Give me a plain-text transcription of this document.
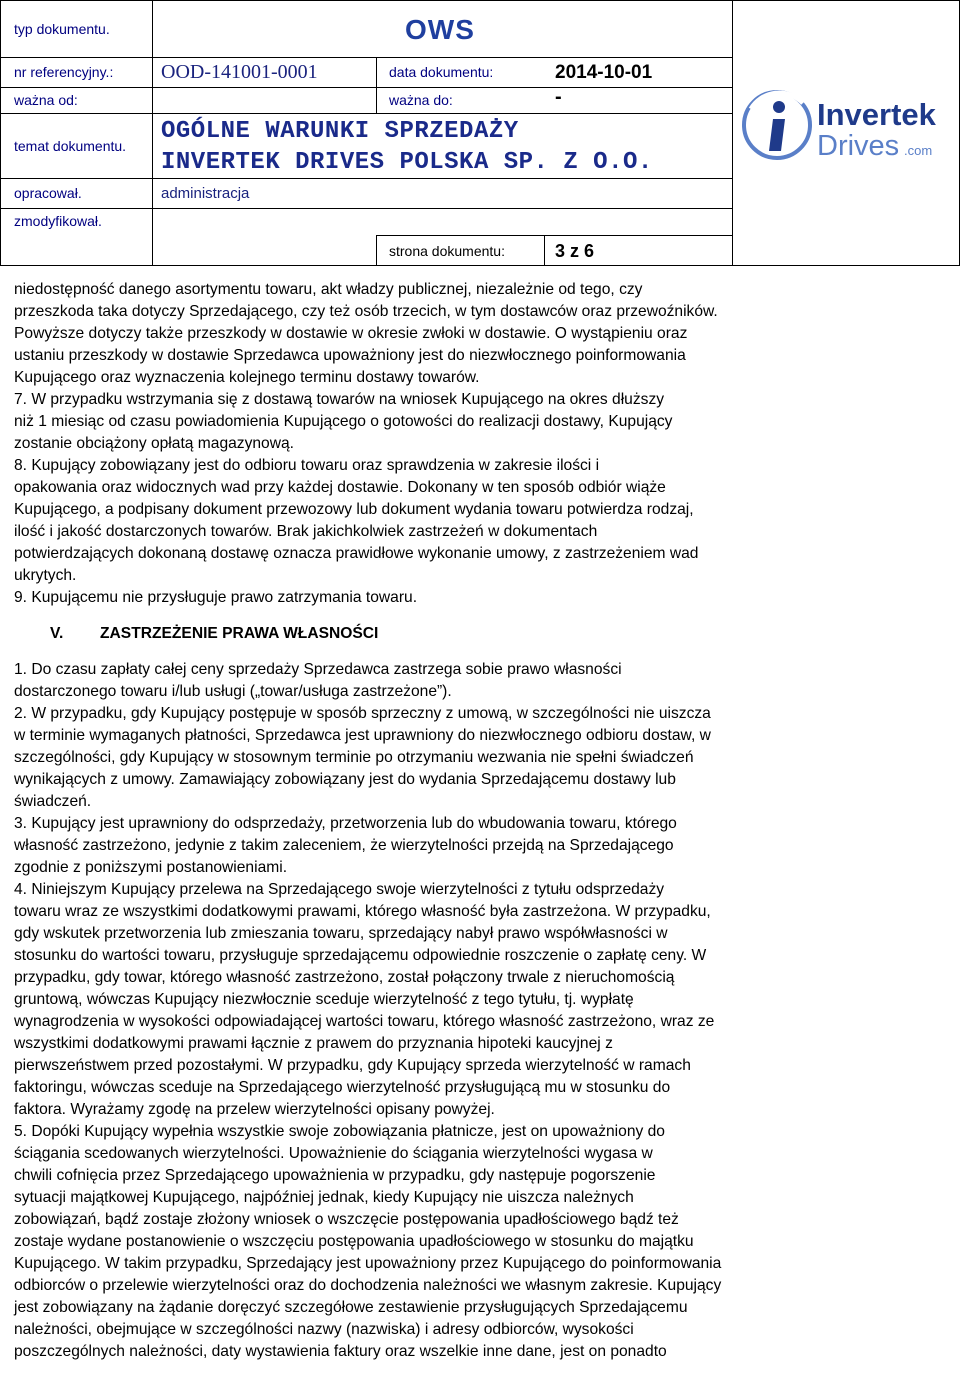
typ dokumentu.	OWS
nr referencyjny.: OOD-141001-0001	data dokumentu:	2014-10-01
ważna od:	ważna do:	-
temat dokumentu.
OGÓLNE WARUNKI SPRZEDAŻY
INVERTEK DRIVES POLSKA SP. Z O.O.
opracował.	administracja
zmodyfikował.
strona dokumentu:	3 z 6
Invertek
Drives .com

niedostępność danego asortymentu towaru, akt władzy publicznej, niezależnie od tego, czy

przeszkoda taka dotyczy Sprzedającego, czy też osób trzecich, w tym dostawców oraz przewoźników.

Powyższe dotyczy także przeszkody w dostawie w okresie zwłoki w dostawie. O wystąpieniu oraz

ustaniu przeszkody w dostawie Sprzedawca upoważniony jest do niezwłocznego poinformowania

Kupującego oraz wyznaczenia kolejnego terminu dostawy towarów.

7. W przypadku wstrzymania się z dostawą towarów na wniosek Kupującego na okres dłuższy

niż 1 miesiąc od czasu powiadomienia Kupującego o gotowości do realizacji dostawy, Kupujący

zostanie obciążony opłatą magazynową.

8. Kupujący zobowiązany jest do odbioru towaru oraz sprawdzenia w zakresie ilości i

opakowania oraz widocznych wad przy każdej dostawie. Dokonany w ten sposób odbiór wiąże

Kupującego, a podpisany dokument przewozowy lub dokument wydania towaru potwierdza rodzaj,

ilość i jakość dostarczonych towarów. Brak jakichkolwiek zastrzeżeń w dokumentach

potwierdzających dokonaną dostawę oznacza prawidłowe wykonanie umowy, z zastrzeżeniem wad

ukrytych.

9. Kupującemu nie przysługuje prawo zatrzymania towaru.

V. ZASTRZEŻENIE PRAWA WŁASNOŚCI

1. Do czasu zapłaty całej ceny sprzedaży Sprzedawca zastrzega sobie prawo własności

dostarczonego towaru i/lub usługi („towar/usługa zastrzeżone”).

2. W przypadku, gdy Kupujący postępuje w sposób sprzeczny z umową, w szczególności nie uiszcza

w terminie wymaganych płatności, Sprzedawca jest uprawniony do niezwłocznego odbioru dostaw, w

szczególności, gdy Kupujący w stosownym terminie po otrzymaniu wezwania nie spełni świadczeń

wynikających z umowy. Zamawiający zobowiązany jest do wydania Sprzedającemu dostawy lub

świadczeń.

3. Kupujący jest uprawniony do odsprzedaży, przetworzenia lub do wbudowania towaru, którego

własność zastrzeżono, jedynie z takim zaleceniem, że wierzytelności przejdą na Sprzedającego

zgodnie z poniższymi postanowieniami.

4. Niniejszym Kupujący przelewa na Sprzedającego swoje wierzytelności z tytułu odsprzedaży

towaru wraz ze wszystkimi dodatkowymi prawami, którego własność była zastrzeżona. W przypadku,

gdy wskutek przetworzenia lub zmieszania towaru, sprzedający nabył prawo współwłasności w

stosunku do wartości towaru, przysługuje sprzedającemu odpowiednie roszczenie o zapłatę ceny. W

przypadku, gdy towar, którego własność zastrzeżono, został połączony trwale z nieruchomością

gruntową, wówczas Kupujący niezwłocznie sceduje wierzytelność z tego tytułu, tj. wypłatę

wynagrodzenia w wysokości odpowiadającej wartości towaru, którego własność zastrzeżono, wraz ze

wszystkimi dodatkowymi prawami łącznie z prawem do przyznania hipoteki kaucyjnej z

pierwszeństwem przed pozostałymi. W przypadku, gdy Kupujący sprzeda wierzytelność w ramach

faktoringu, wówczas sceduje na Sprzedającego wierzytelność przysługującą mu w stosunku do

faktora. Wyrażamy zgodę na przelew wierzytelności opisany powyżej.

5. Dopóki Kupujący wypełnia wszystkie swoje zobowiązania płatnicze, jest on upoważniony do

ściągania scedowanych wierzytelności. Upoważnienie do ściągania wierzytelności wygasa w

chwili cofnięcia przez Sprzedającego upoważnienia w przypadku, gdy następuje pogorszenie

sytuacji majątkowej Kupującego, najpóźniej jednak, kiedy Kupujący nie uiszcza należnych

zobowiązań, bądź zostaje złożony wniosek o wszczęcie postępowania upadłościowego bądź też

zostaje wydane postanowienie o wszczęciu postępowania upadłościowego w stosunku do majątku

Kupującego. W takim przypadku, Sprzedający jest upoważniony przez Kupującego do poinformowania

odbiorców o przelewie wierzytelności oraz do dochodzenia należności we własnym zakresie. Kupujący

jest zobowiązany na żądanie doręczyć szczegółowe zestawienie przysługujących Sprzedającemu

należności, obejmujące w szczególności nazwy (nazwiska) i adresy odbiorców, wysokości

poszczególnych należności, daty wystawienia faktury oraz wszelkie inne dane, jest on ponadto
